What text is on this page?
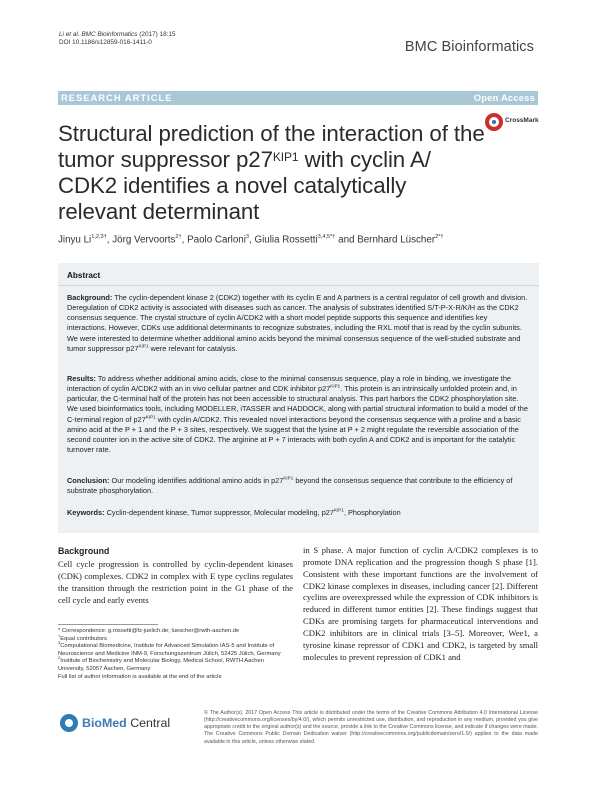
Li et al. BMC Bioinformatics (2017) 18:15
DOI 10.1186/s12859-016-1411-0	BMC Bioinformatics
RESEARCH ARTICLE	Open Access
Structural prediction of the interaction of the tumor suppressor $p27^{KIP1}$ with cyclin A/ CDK2 identifies a novel catalytically relevant determinant
CrossMark
Jinyu $Li^{1,2,3\dagger}$, Jörg Vervoorts$^{2\dagger}$, Paolo Carloni$^3$, Giulia Rossetti$^{3,4,5*\dagger}$ and Bernhard Lüscher$^{2*\dagger}$
Abstract
Background: The cyclin-dependent kinase 2 (CDK2) together with its cyclin E and A partners is a central regulator of cell growth and division. Deregulation of CDK2 activity is associated with diseases such as cancer. The analysis of substrates identified S/T-P-X-R/K/H as the CDK2 consensus sequence. The crystal structure of cyclin A/CDK2 with a short model peptide supports this sequence and identifies key interactions. However, CDKs use additional determinants to recognize substrates, including the RXL motif that is read by the cyclin subunits. We were interested to determine whether additional amino acids beyond the minimal consensus sequence of the well-studied substrate and tumor suppressor $p27^{KIP1}$ were relevant for catalysis.
Results: To address whether additional amino acids, close to the minimal consensus sequence, play a role in binding, we investigate the interaction of cyclin A/CDK2 with an in vivo cellular partner and CDK inhibitor $p27^{KIP1}$. This protein is an intrinsically unfolded protein and, in particular, the C-terminal half of the protein has not been accessible to structural analysis. This part harbors the CDK2 phosphorylation site. We used bioinformatics tools, including MODELLER, iTASSER and HADDOCK, along with partial structural information to build a model of the C-terminal region of $p27^{KIP1}$ with cyclin A/CDK2. This revealed novel interactions beyond the consensus sequence with a proline and a basic amino acid at the P + 1 and the P + 3 sites, respectively. We suggest that the lysine at P + 2 might regulate the reversible association of the second counter ion in the active site of CDK2. The arginine at P + 7 interacts with both cyclin A and CDK2 and is important for the catalytic turnover rate.
Conclusion: Our modeling identifies additional amino acids in $p27^{KIP1}$ beyond the consensus sequence that contribute to the efficiency of substrate phosphorylation.
Keywords: Cyclin-dependent kinase, Tumor suppressor, Molecular modeling, $p27^{KIP1}$, Phosphorylation
Background
Cell cycle progression is controlled by cyclin-dependent kinases (CDK) complexes. CDK2 in complex with E type cyclins regulates the transition through the restriction point in the G1 phase of the cell cycle and early events
in S phase. A major function of cyclin A/CDK2 complexes is to promote DNA replication and the progression though S phase [1]. Consistent with these important functions are the involvement of CDK2 kinase complexes in diseases, including cancer [2]. Different cyclins are overexpressed while the expression of CDK inhibitors is reduced in different tumor entities [2]. These findings suggest that CDKs are promising targets for pharmaceutical interventions and CDK2 inhibitors are in clinical trials [3–5]. Moreover, Wee1, a tyrosine kinase repressor of CDK1 and CDK2, is targeted by small molecules to prevent repression of CDK1 and
* Correspondence: g.rossetti@fz-juelich.de; luescher@rwth-aachen.de
†Equal contributors
$^3$Computational Biomedicine, Institute for Advanced Simulation IAS-5 and Institute of Neuroscience and Medicine INM-9, Forschungszentrum Jülich, 52425 Jülich, Germany
$^2$Institute of Biochemistry and Molecular Biology, Medical School, RWTH Aachen University, 52057 Aachen, Germany
Full list of author information is available at the end of the article
BioMed Central
© The Author(s). 2017 Open Access This article is distributed under the terms of the Creative Commons Attribution 4.0 International License (http://creativecommons.org/licenses/by/4.0/), which permits unrestricted use, distribution, and reproduction in any medium, provided you give appropriate credit to the original author(s) and the source, provide a link to the Creative Commons license, and indicate if changes were made. The Creative Commons Public Domain Dedication waiver (http://creativecommons.org/publicdomain/zero/1.0/) applies to the data made available in this article, unless otherwise stated.
